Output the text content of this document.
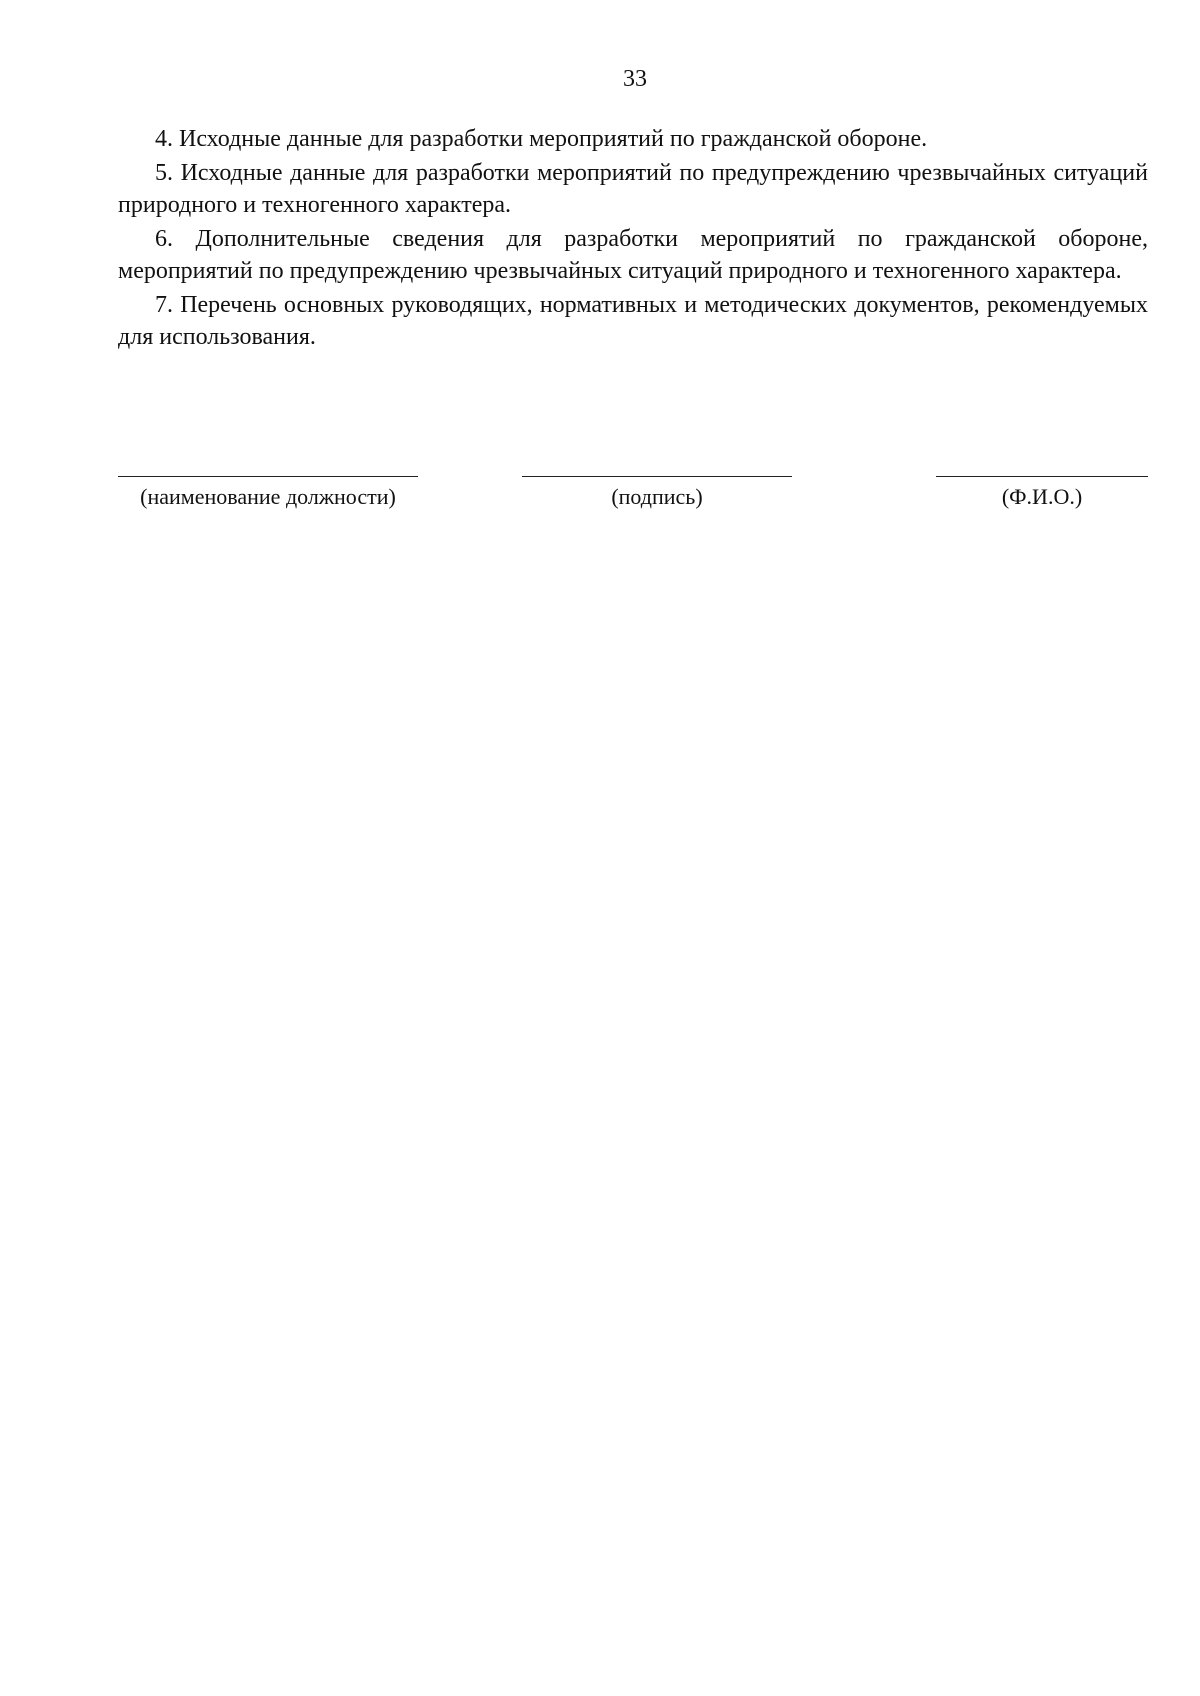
33

4. Исходные данные для разработки мероприятий по гражданской обороне.

5. Исходные данные для разработки мероприятий по предупреждению чрезвычайных ситуаций природного и техногенного характера.

6. Дополнительные сведения для разработки мероприятий по гражданской обороне, мероприятий по предупреждению чрезвычайных ситуаций природного и техногенного характера.

7. Перечень основных руководящих, нормативных и методических документов, рекомендуемых для использования.

(наименование должности)	(подпись)	(Ф.И.О.)
